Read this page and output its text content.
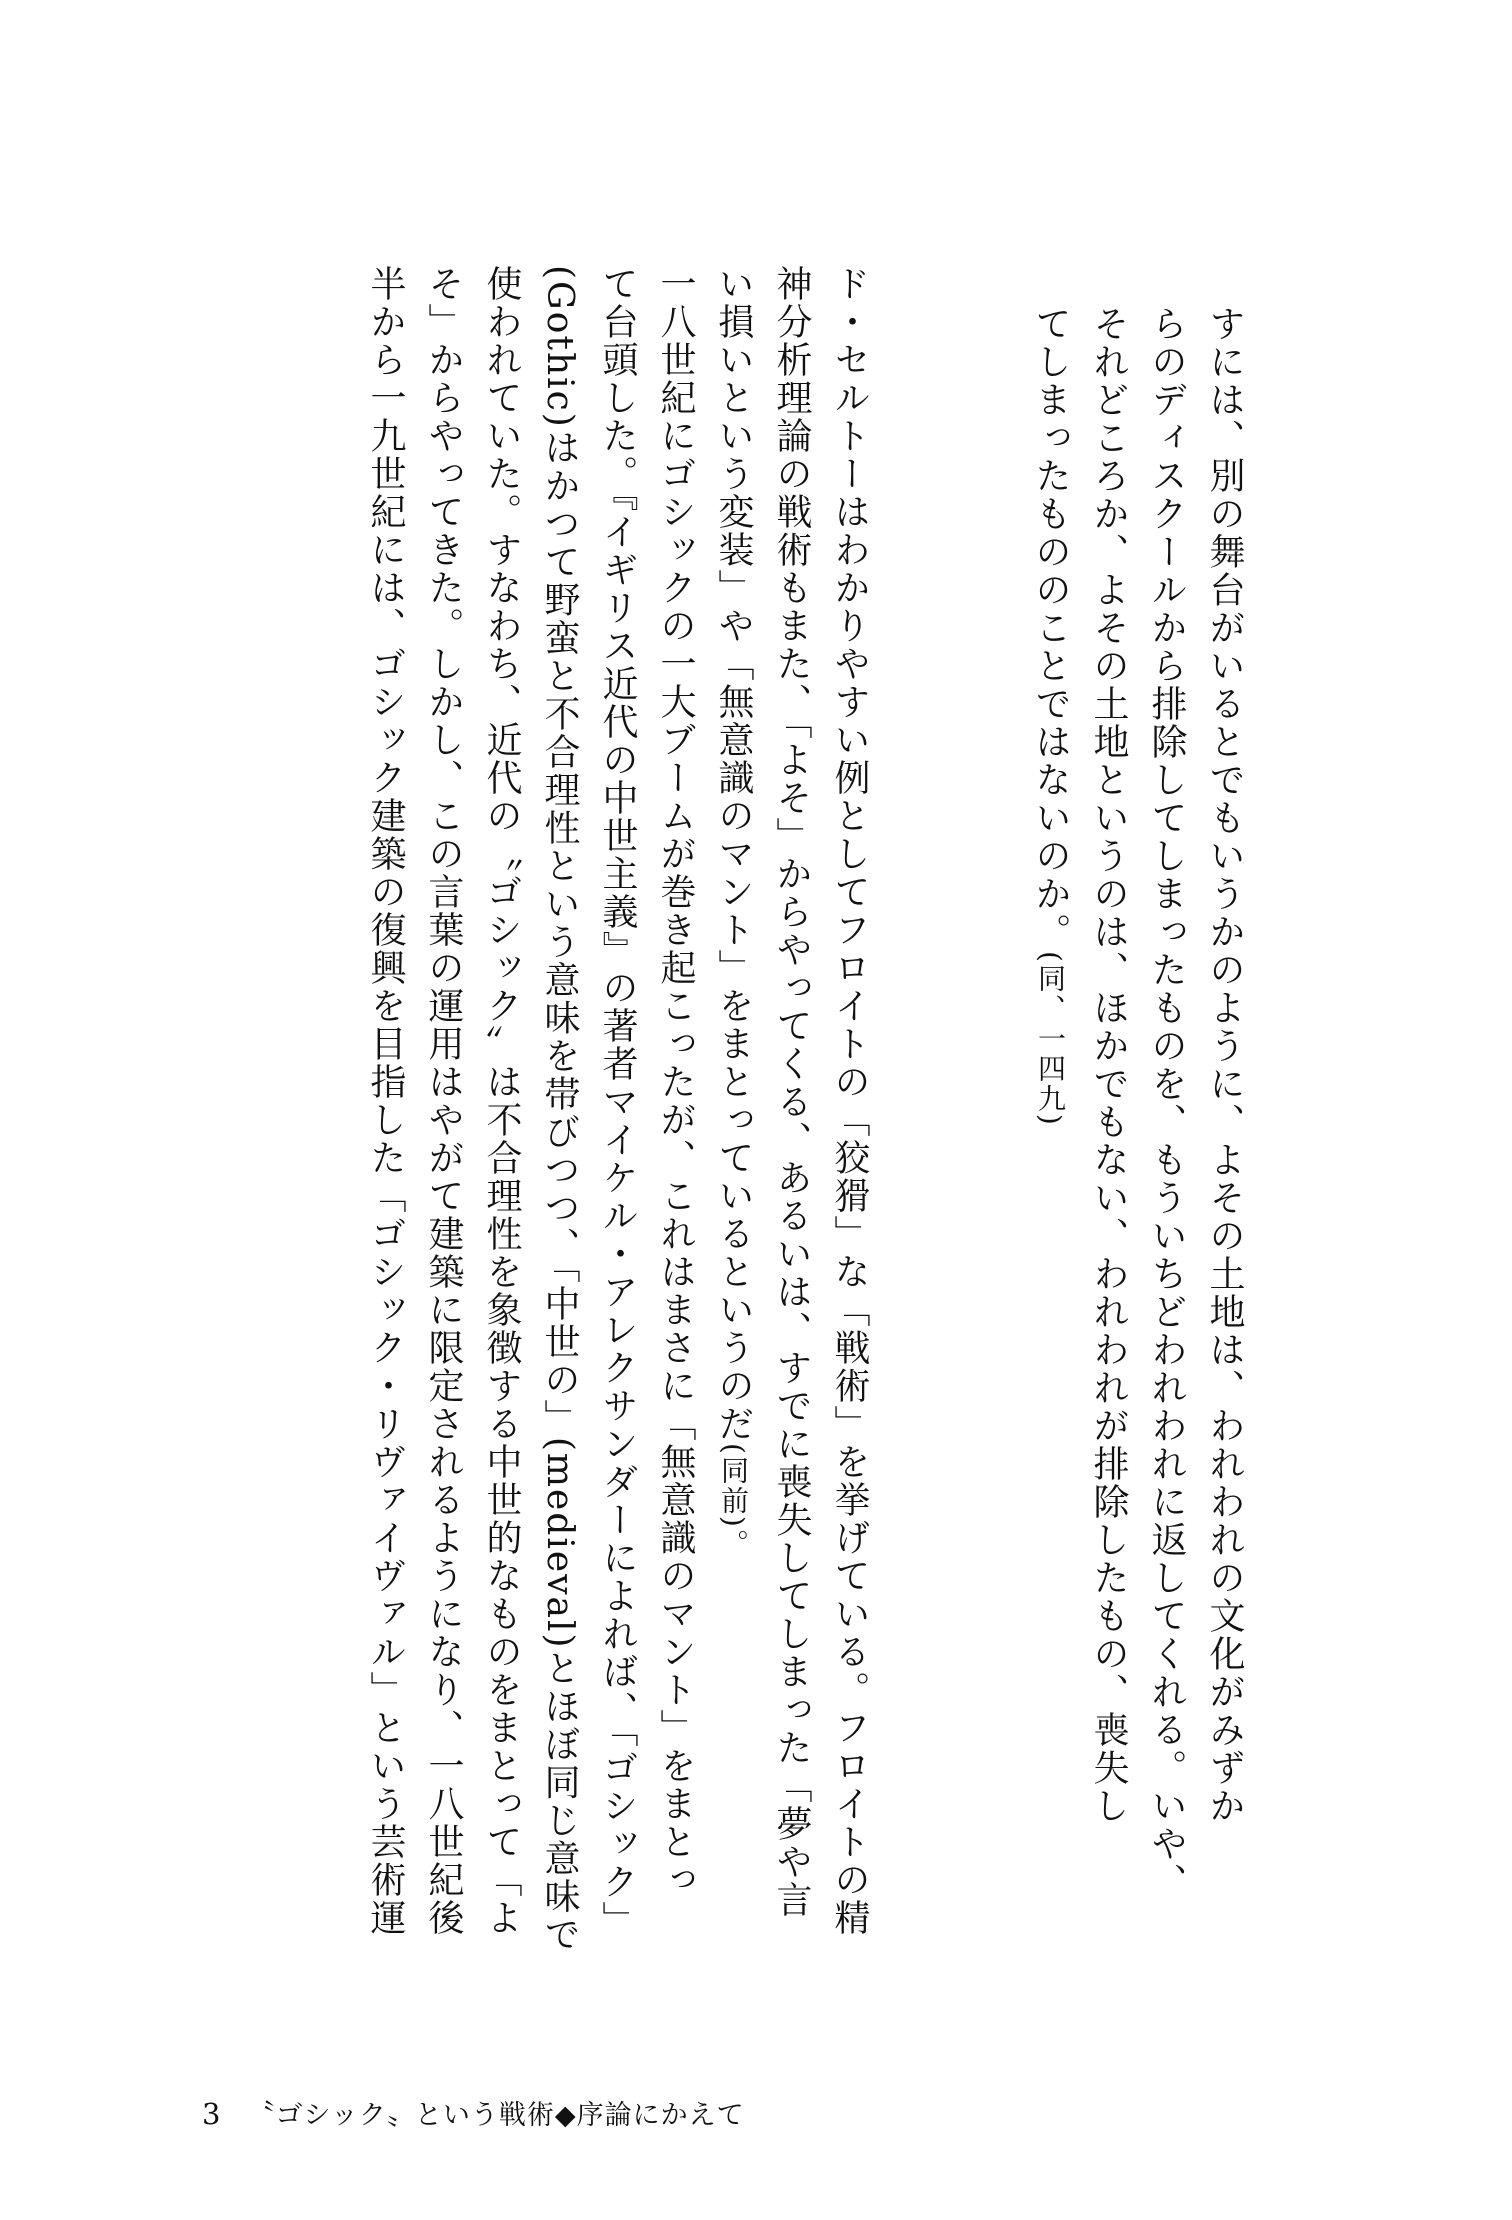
すには、別の舞台がいるとでもいうかのように、よその土地は、われわれの文化がみずか
らのディスクールから排除してしまったものを、もういちどわれわれに返してくれる。いや、
それどころか、よその土地というのは、ほかでもない、われわれが排除したもの、喪失し
てしまったもののことではないのか。(同、一四九)
ド・セルトーはわかりやすい例としてフロイトの「狡猾」な「戦術」を挙げている。フロイトの精
神分析理論の戦術もまた、「よそ」からやってくる、あるいは、すでに喪失してしまった「夢や言
い損いという変装」や「無意識のマント」をまとっているというのだ(同前)。
一八世紀にゴシックの一大ブームが巻き起こったが、これはまさに「無意識のマント」をまとっ
て台頭した。『イギリス近代の中世主義』の著者マイケル・アレクサンダーによれば、「ゴシック」
(Gothic)はかつて野蛮と不合理性という意味を帯びつつ、「中世の」(medieval)とほぼ同じ意味で
使われていた。すなわち、近代の〝ゴシック〟は不合理性を象徴する中世的なものをまとって「よ
そ」からやってきた。しかし、この言葉の運用はやがて建築に限定されるようになり、一八世紀後
半から一九世紀には、ゴシック建築の復興を目指した「ゴシック・リヴァイヴァル」という芸術運
3 〝ゴシック〟という戦術◆序論にかえて
